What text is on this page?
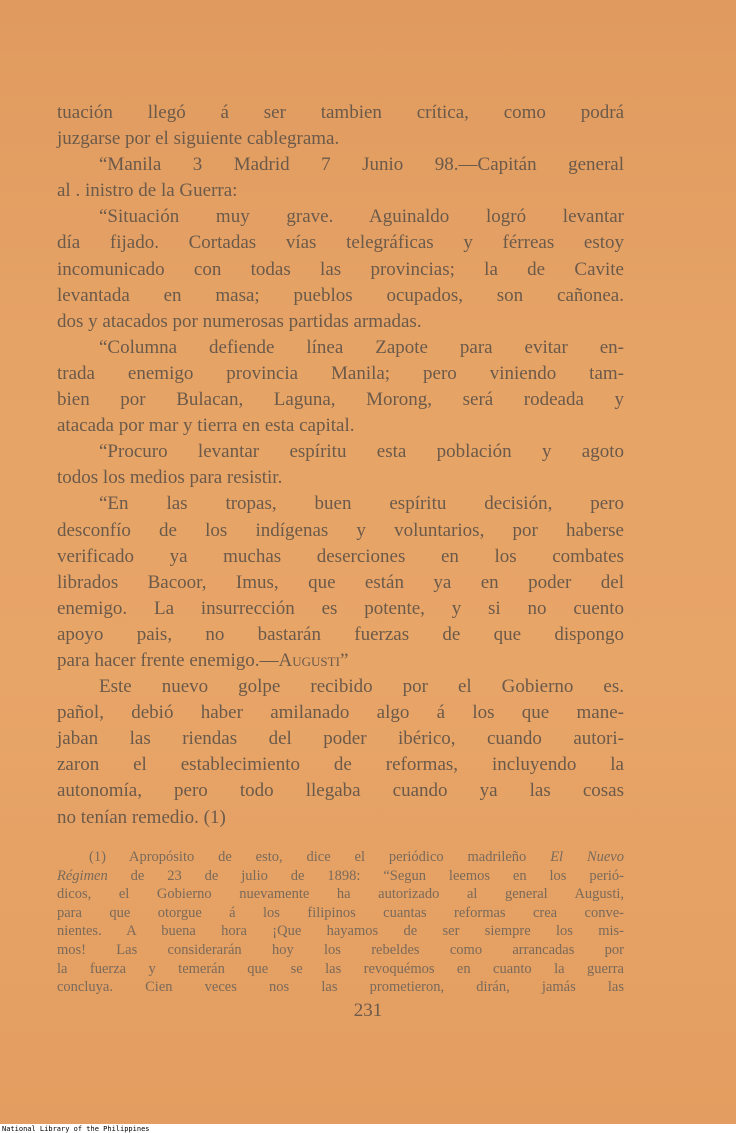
tuación llegó á ser tambien crítica, como podrá
juzgarse por el siguiente cablegrama.
“Manila 3 Madrid 7 Junio 98.—Capitán general
al . inistro de la Guerra:
“Situación muy grave. Aguinaldo logró levantar
día fijado. Cortadas vías telegráficas y férreas estoy
incomunicado con todas las provincias; la de Cavite
levantada en masa; pueblos ocupados, son cañonea.
dos y atacados por numerosas partidas armadas.
“Columna defiende línea Zapote para evitar en-
trada enemigo provincia Manila; pero viniendo tam-
bien por Bulacan, Laguna, Morong, será rodeada y
atacada por mar y tierra en esta capital.
“Procuro levantar espíritu esta población y agoto
todos los medios para resistir.
“En las tropas, buen espíritu decisión, pero
desconfío de los indígenas y voluntarios, por haberse
verificado ya muchas deserciones en los combates
librados Bacoor, Imus, que están ya en poder del
enemigo. La insurrección es potente, y si no cuento
apoyo pais, no bastarán fuerzas de que dispongo
para hacer frente enemigo.—Augusti”
Este nuevo golpe recibido por el Gobierno es.
pañol, debió haber amilanado algo á los que mane-
jaban las riendas del poder ibérico, cuando autori-
zaron el establecimiento de reformas, incluyendo la
autonomía, pero todo llegaba cuando ya las cosas
no tenían remedio. (1)
(1) Apropósito de esto, dice el periódico madrileño El Nuevo
Régimen de 23 de julio de 1898: “Segun leemos en los perió-
dicos, el Gobierno nuevamente ha autorizado al general Augusti,
para que otorgue á los filipinos cuantas reformas crea conve-
nientes. A buena hora ¡Que hayamos de ser siempre los mis-
mos! Las considerarán hoy los rebeldes como arrancadas por
la fuerza y temerán que se las revoquémos en cuanto la guerra
concluya. Cien veces nos las prometieron, dirán, jamás las
231
National Library of the Philippines
